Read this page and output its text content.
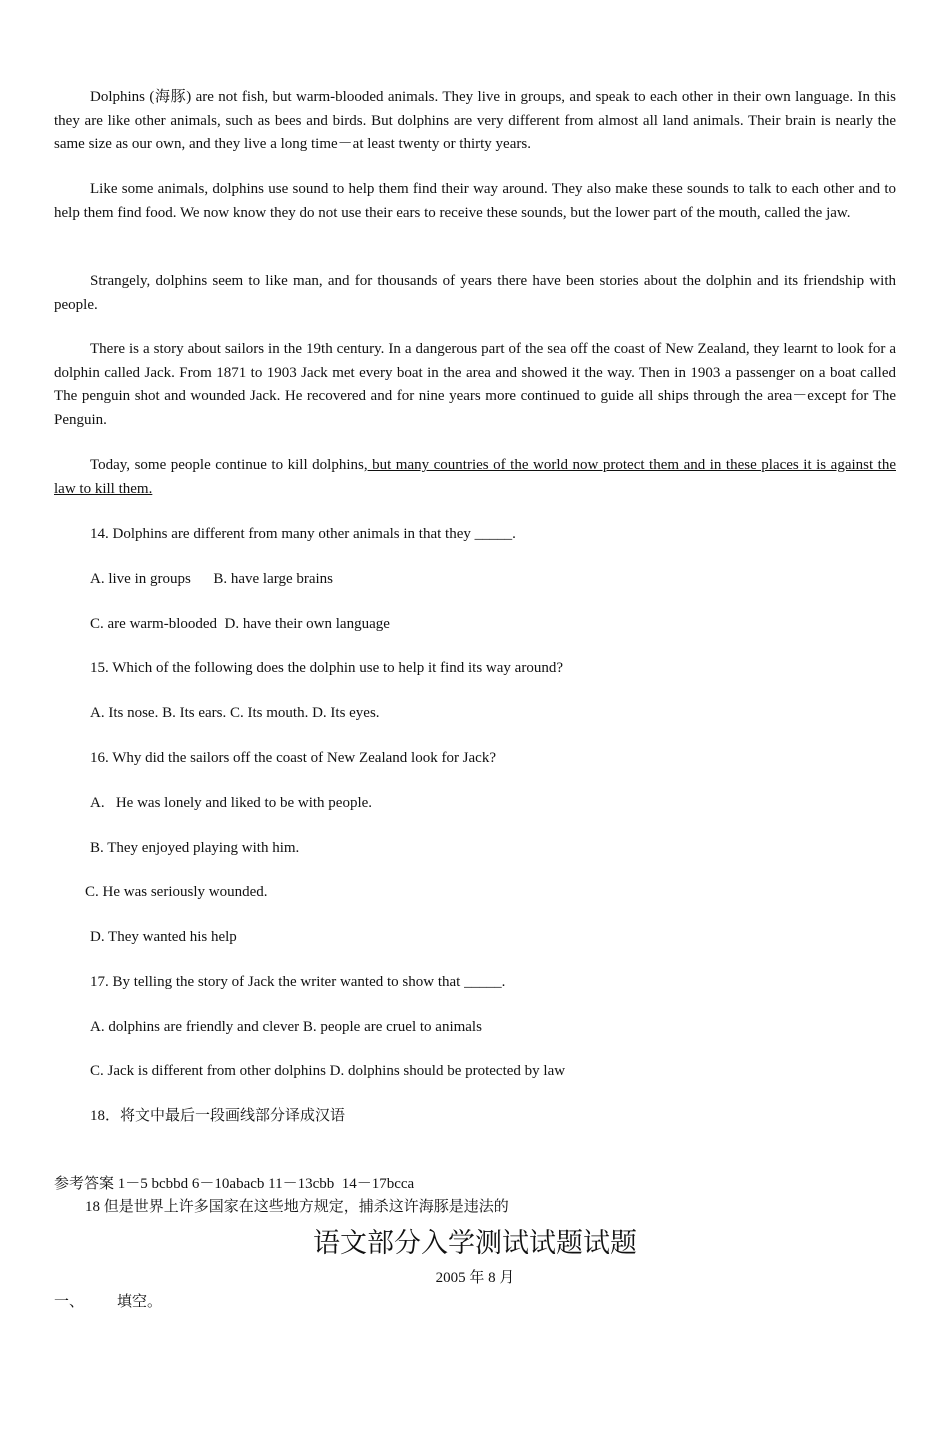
Dolphins (海豚) are not fish, but warm-blooded animals. They live in groups, and speak to each other in their own language. In this they are like other animals, such as bees and birds. But dolphins are very different from almost all land animals. Their brain is nearly the same size as our own, and they live a long time－at least twenty or thirty years.

Like some animals, dolphins use sound to help them find their way around. They also make these sounds to talk to each other and to help them find food. We now know they do not use their ears to receive these sounds, but the lower part of the mouth, called the jaw.

Strangely, dolphins seem to like man, and for thousands of years there have been stories about the dolphin and its friendship with people.

There is a story about sailors in the 19th century. In a dangerous part of the sea off the coast of New Zealand, they learnt to look for a dolphin called Jack. From 1871 to 1903 Jack met every boat in the area and showed it the way. Then in 1903 a passenger on a boat called The penguin shot and wounded Jack. He recovered and for nine years more continued to guide all ships through the area－except for The Penguin.

Today, some people continue to kill dolphins, but many countries of the world now protect them and in these places it is against the law to kill them.

14. Dolphins are different from many other animals in that they _____.

A. live in groups      B. have large brains

C. are warm-blooded  D. have their own language

15. Which of the following does the dolphin use to help it find its way around?

A. Its nose. B. Its ears. C. Its mouth. D. Its eyes.

16. Why did the sailors off the coast of New Zealand look for Jack?

A.   He was lonely and liked to be with people.

B. They enjoyed playing with him.

C. He was seriously wounded.

D. They wanted his help

17. By telling the story of Jack the writer wanted to show that _____.

A. dolphins are friendly and clever B. people are cruel to animals

C. Jack is different from other dolphins D. dolphins should be protected by law

18．将文中最后一段画线部分译成汉语

参考答案 1－5 bcbbd 6－10abacb 11－13cbb  14－17bcca

18 但是世界上许多国家在这些地方规定，捕杀这许海豚是违法的

语文部分入学测试试题试题

2005 年 8 月

一、 填空。
